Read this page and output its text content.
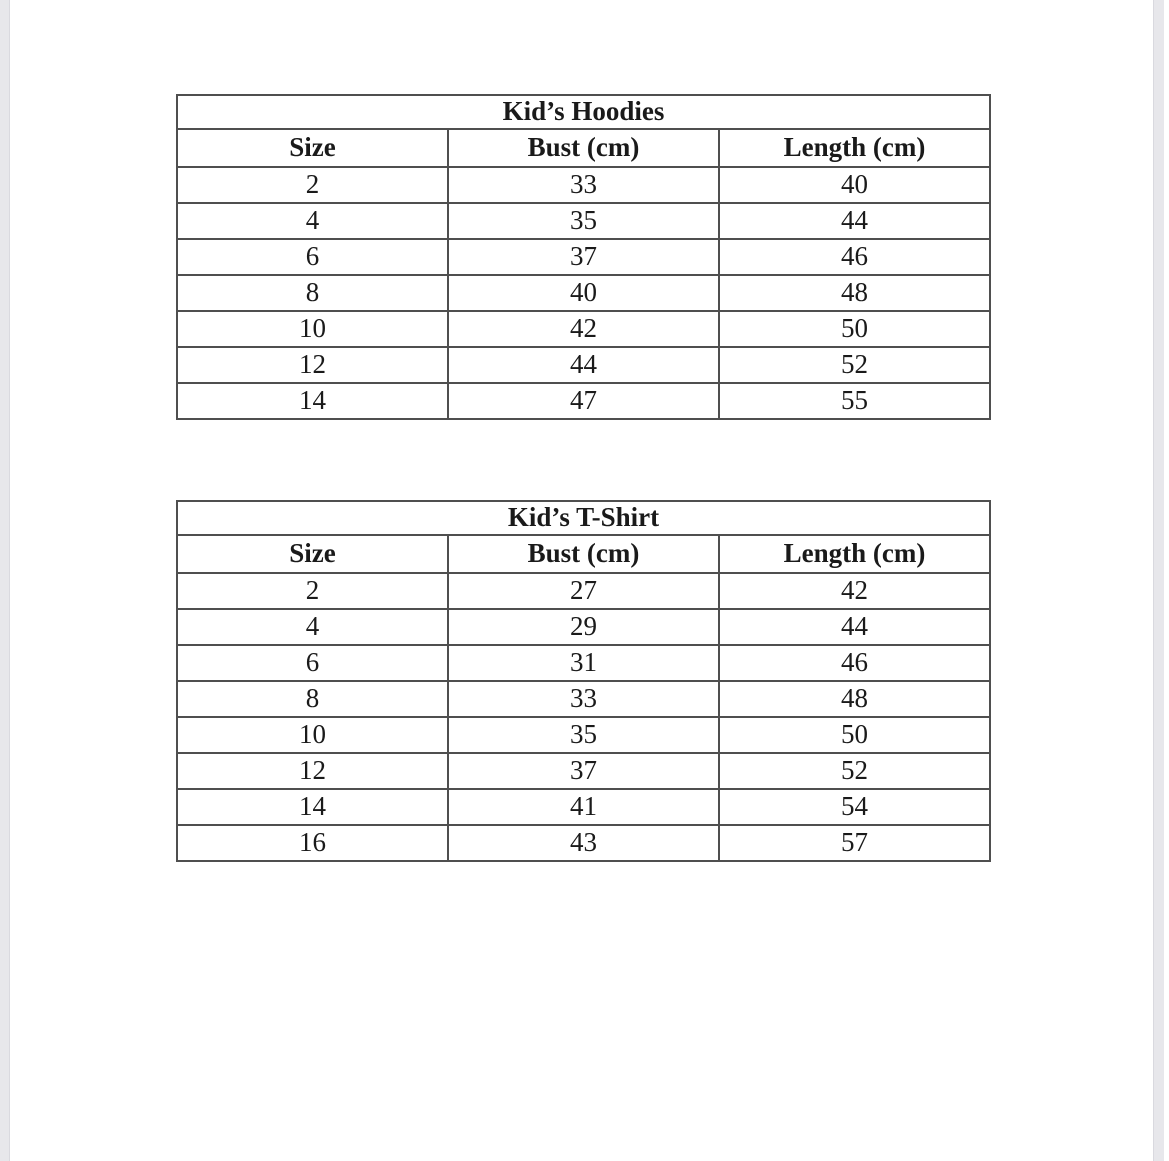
Kid’s Hoodies		
Size	Bust (cm)	Length (cm)
2	33	40
4	35	44
6	37	46
8	40	48
10	42	50
12	44	52
14	47	55
Kid’s T-Shirt		
Size	Bust (cm)	Length (cm)
2	27	42
4	29	44
6	31	46
8	33	48
10	35	50
12	37	52
14	41	54
16	43	57
